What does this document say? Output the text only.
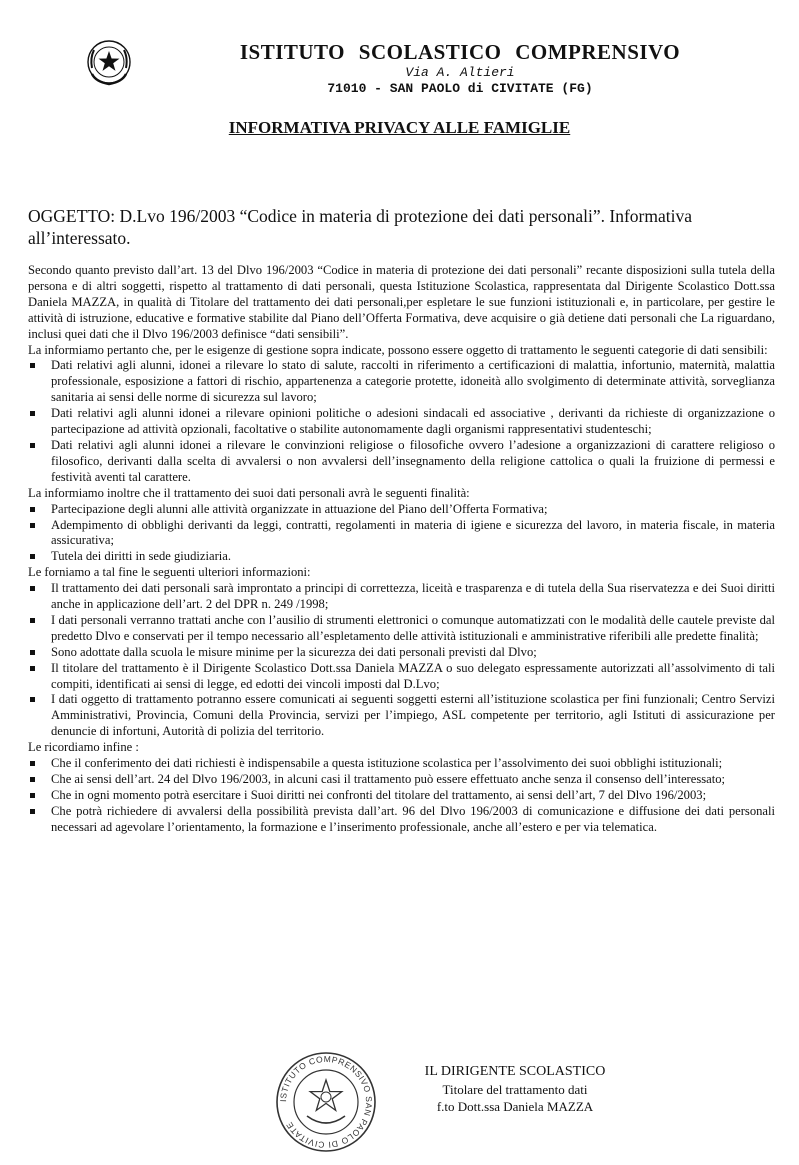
ISTITUTO SCOLASTICO COMPRENSIVO
Via A. Altieri
71010 - SAN PAOLO di CIVITATE (FG)
INFORMATIVA PRIVACY ALLE FAMIGLIE
OGGETTO: D.Lvo 196/2003 “Codice in materia di protezione dei dati personali”. Informativa all’interessato.

Secondo quanto previsto dall’art. 13 del Dlvo 196/2003 “Codice in materia di protezione dei dati personali” recante disposizioni sulla tutela della persona e di altri soggetti, rispetto al trattamento di dati personali, questa Istituzione Scolastica, rappresentata dal Dirigente Scolastico Dott.ssa Daniela MAZZA, in qualità di Titolare del trattamento dei dati personali,per espletare le sue funzioni istituzionali e, in particolare, per gestire le attività di istruzione, educative e formative stabilite dal Piano dell’Offerta Formativa, deve acquisire o già detiene dati personali che La riguardano, inclusi quei dati che il Dlvo 196/2003 definisce “dati sensibili”.

La informiamo pertanto che, per le esigenze di gestione sopra indicate, possono essere oggetto di trattamento le seguenti categorie di dati sensibili:

Dati relativi agli alunni, idonei a rilevare lo stato di salute, raccolti in riferimento a certificazioni di malattia, infortunio, maternità, malattia professionale, esposizione a fattori di rischio, appartenenza a categorie protette, idoneità allo svolgimento di determinate attività, sorveglianza sanitaria ai sensi delle norme di sicurezza sul lavoro;
Dati relativi agli alunni idonei a rilevare opinioni politiche o adesioni sindacali ed associative , derivanti da richieste di organizzazione o partecipazione ad attività opzionali, facoltative o stabilite autonomamente dagli organismi rappresentativi studenteschi;
Dati relativi agli alunni idonei a rilevare le convinzioni religiose o filosofiche ovvero l’adesione a organizzazioni di carattere religioso o filosofico, derivanti dalla scelta di avvalersi o non avvalersi dell’insegnamento della religione cattolica o quali la fruizione di permessi e festività aventi tal carattere.

La informiamo inoltre che il trattamento dei suoi dati personali avrà le seguenti finalità:

Partecipazione degli alunni alle attività organizzate in attuazione del Piano dell’Offerta Formativa;
Adempimento di obblighi derivanti da leggi, contratti, regolamenti in materia di igiene e sicurezza del lavoro, in materia fiscale, in materia assicurativa;
Tutela dei diritti in sede giudiziaria.

Le forniamo a tal fine le seguenti ulteriori informazioni:

Il trattamento dei dati personali sarà improntato a principi di correttezza, liceità e trasparenza e di tutela della Sua riservatezza e dei Suoi diritti anche in applicazione dell’art. 2 del DPR n. 249 /1998;
I dati personali verranno trattati anche con l’ausilio di strumenti elettronici o comunque automatizzati con le modalità delle cautele previste dal predetto Dlvo e conservati per il tempo necessario all’espletamento delle attività istituzionali e amministrative riferibili alle predette finalità;
Sono adottate dalla scuola le misure minime per la sicurezza dei dati personali previsti dal Dlvo;
Il titolare del trattamento è il Dirigente Scolastico Dott.ssa Daniela MAZZA o suo delegato espressamente autorizzati all’assolvimento di tali compiti, identificati ai sensi di legge, ed edotti dei vincoli imposti dal D.Lvo;
I dati oggetto di trattamento potranno essere comunicati ai seguenti soggetti esterni all’istituzione scolastica per fini funzionali; Centro Servizi Amministrativi, Provincia, Comuni della Provincia, servizi per l’impiego, ASL competente per territorio, agli Istituti di assicurazione per denuncie di infortuni, Autorità di polizia del territorio.

Le ricordiamo infine :

Che il conferimento dei dati richiesti è indispensabile a questa istituzione scolastica per l’assolvimento dei suoi obblighi istituzionali;
Che ai sensi dell’art. 24 del Dlvo 196/2003, in alcuni casi il trattamento può essere effettuato anche senza il consenso dell’interessato;
Che in ogni momento potrà esercitare i Suoi diritti nei confronti del titolare del trattamento, ai sensi dell’art, 7 del Dlvo 196/2003;
Che potrà richiedere di avvalersi della possibilità prevista dall’art. 96 del Dlvo 196/2003 di comunicazione e diffusione dei dati personali necessari ad agevolare l’orientamento, la formazione e l’inserimento professionale, anche all’estero e per via telematica.
ISTITUTO COMPRENSIVO SAN PAOLO DI CIVITATE
IL DIRIGENTE SCOLASTICO
Titolare del trattamento dati
f.to Dott.ssa Daniela MAZZA
